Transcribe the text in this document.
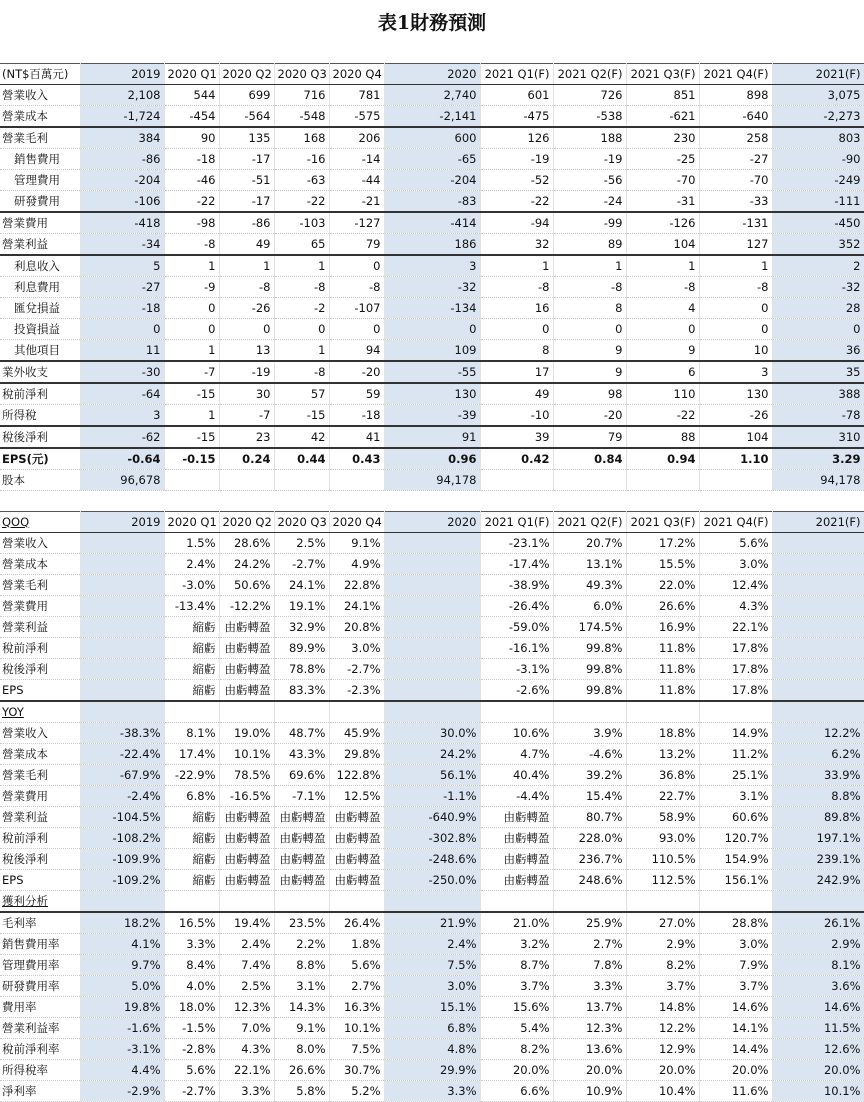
表1財務預測
(NT$百萬元)	2019	2020 Q1	2020 Q2	2020 Q3	2020 Q4	2020	2021 Q1(F)	2021 Q2(F)	2021 Q3(F)	2021 Q4(F)	2021(F)
營業收入	2,108	544	699	716	781	2,740	601	726	851	898	3,075
營業成本	-1,724	-454	-564	-548	-575	-2,141	-475	-538	-621	-640	-2,273
營業毛利	384	90	135	168	206	600	126	188	230	258	803
銷售費用	-86	-18	-17	-16	-14	-65	-19	-19	-25	-27	-90
管理費用	-204	-46	-51	-63	-44	-204	-52	-56	-70	-70	-249
研發費用	-106	-22	-17	-22	-21	-83	-22	-24	-31	-33	-111
營業費用	-418	-98	-86	-103	-127	-414	-94	-99	-126	-131	-450
營業利益	-34	-8	49	65	79	186	32	89	104	127	352
利息收入	5	1	1	1	0	3	1	1	1	1	2
利息費用	-27	-9	-8	-8	-8	-32	-8	-8	-8	-8	-32
匯兌損益	-18	0	-26	-2	-107	-134	16	8	4	0	28
投資損益	0	0	0	0	0	0	0	0	0	0	0
其他項目	11	1	13	1	94	109	8	9	9	10	36
業外收支	-30	-7	-19	-8	-20	-55	17	9	6	3	35
稅前淨利	-64	-15	30	57	59	130	49	98	110	130	388
所得稅	3	1	-7	-15	-18	-39	-10	-20	-22	-26	-78
稅後淨利	-62	-15	23	42	41	91	39	79	88	104	310
EPS(元)	-0.64	-0.15	0.24	0.44	0.43	0.96	0.42	0.84	0.94	1.10	3.29
股本	96,678					94,178					94,178

QOQ	2019	2020 Q1	2020 Q2	2020 Q3	2020 Q4	2020	2021 Q1(F)	2021 Q2(F)	2021 Q3(F)	2021 Q4(F)	2021(F)
營業收入		1.5%	28.6%	2.5%	9.1%		-23.1%	20.7%	17.2%	5.6%	
營業成本		2.4%	24.2%	-2.7%	4.9%		-17.4%	13.1%	15.5%	3.0%	
營業毛利		-3.0%	50.6%	24.1%	22.8%		-38.9%	49.3%	22.0%	12.4%	
營業費用		-13.4%	-12.2%	19.1%	24.1%		-26.4%	6.0%	26.6%	4.3%	
營業利益		縮虧	由虧轉盈	32.9%	20.8%		-59.0%	174.5%	16.9%	22.1%	
稅前淨利		縮虧	由虧轉盈	89.9%	3.0%		-16.1%	99.8%	11.8%	17.8%	
稅後淨利		縮虧	由虧轉盈	78.8%	-2.7%		-3.1%	99.8%	11.8%	17.8%	
EPS		縮虧	由虧轉盈	83.3%	-2.3%		-2.6%	99.8%	11.8%	17.8%	
YOY											
營業收入	-38.3%	8.1%	19.0%	48.7%	45.9%	30.0%	10.6%	3.9%	18.8%	14.9%	12.2%
營業成本	-22.4%	17.4%	10.1%	43.3%	29.8%	24.2%	4.7%	-4.6%	13.2%	11.2%	6.2%
營業毛利	-67.9%	-22.9%	78.5%	69.6%	122.8%	56.1%	40.4%	39.2%	36.8%	25.1%	33.9%
營業費用	-2.4%	6.8%	-16.5%	-7.1%	12.5%	-1.1%	-4.4%	15.4%	22.7%	3.1%	8.8%
營業利益	-104.5%	縮虧	由虧轉盈	由虧轉盈	由虧轉盈	-640.9%	由虧轉盈	80.7%	58.9%	60.6%	89.8%
稅前淨利	-108.2%	縮虧	由虧轉盈	由虧轉盈	由虧轉盈	-302.8%	由虧轉盈	228.0%	93.0%	120.7%	197.1%
稅後淨利	-109.9%	縮虧	由虧轉盈	由虧轉盈	由虧轉盈	-248.6%	由虧轉盈	236.7%	110.5%	154.9%	239.1%
EPS	-109.2%	縮虧	由虧轉盈	由虧轉盈	由虧轉盈	-250.0%	由虧轉盈	248.6%	112.5%	156.1%	242.9%
獲利分析											
毛利率	18.2%	16.5%	19.4%	23.5%	26.4%	21.9%	21.0%	25.9%	27.0%	28.8%	26.1%
銷售費用率	4.1%	3.3%	2.4%	2.2%	1.8%	2.4%	3.2%	2.7%	2.9%	3.0%	2.9%
管理費用率	9.7%	8.4%	7.4%	8.8%	5.6%	7.5%	8.7%	7.8%	8.2%	7.9%	8.1%
研發費用率	5.0%	4.0%	2.5%	3.1%	2.7%	3.0%	3.7%	3.3%	3.7%	3.7%	3.6%
費用率	19.8%	18.0%	12.3%	14.3%	16.3%	15.1%	15.6%	13.7%	14.8%	14.6%	14.6%
營業利益率	-1.6%	-1.5%	7.0%	9.1%	10.1%	6.8%	5.4%	12.3%	12.2%	14.1%	11.5%
稅前淨利率	-3.1%	-2.8%	4.3%	8.0%	7.5%	4.8%	8.2%	13.6%	12.9%	14.4%	12.6%
所得稅率	4.4%	5.6%	22.1%	26.6%	30.7%	29.9%	20.0%	20.0%	20.0%	20.0%	20.0%
淨利率	-2.9%	-2.7%	3.3%	5.8%	5.2%	3.3%	6.6%	10.9%	10.4%	11.6%	10.1%
